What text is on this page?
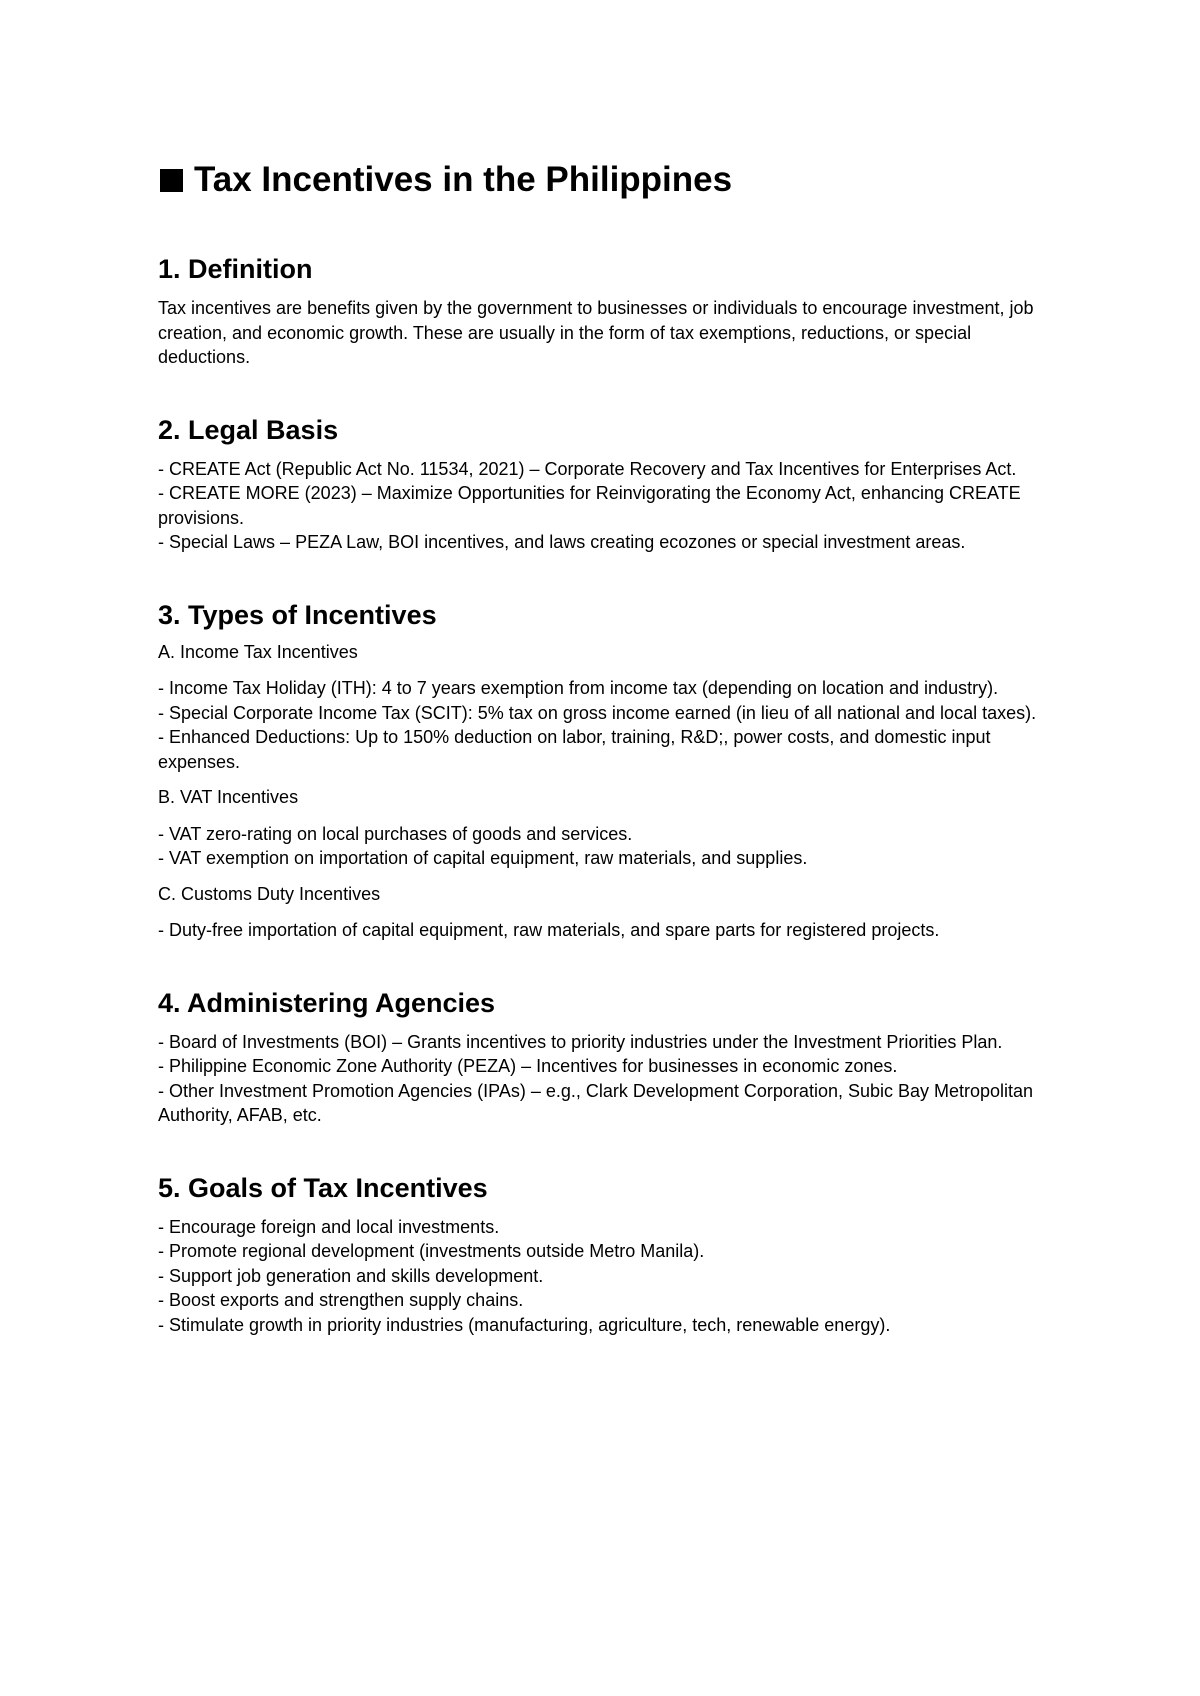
Tax Incentives in the Philippines
1. Definition

Tax incentives are benefits given by the government to businesses or individuals to encourage investment, job creation, and economic growth. These are usually in the form of tax exemptions, reductions, or special deductions.

2. Legal Basis

- CREATE Act (Republic Act No. 11534, 2021) – Corporate Recovery and Tax Incentives for Enterprises Act.

- CREATE MORE (2023) – Maximize Opportunities for Reinvigorating the Economy Act, enhancing CREATE provisions.

- Special Laws – PEZA Law, BOI incentives, and laws creating ecozones or special investment areas.

3. Types of Incentives

A. Income Tax Incentives

- Income Tax Holiday (ITH): 4 to 7 years exemption from income tax (depending on location and industry).

- Special Corporate Income Tax (SCIT): 5% tax on gross income earned (in lieu of all national and local taxes).

- Enhanced Deductions: Up to 150% deduction on labor, training, R&D;, power costs, and domestic input expenses.

B. VAT Incentives

- VAT zero-rating on local purchases of goods and services.

- VAT exemption on importation of capital equipment, raw materials, and supplies.

C. Customs Duty Incentives

- Duty-free importation of capital equipment, raw materials, and spare parts for registered projects.

4. Administering Agencies

- Board of Investments (BOI) – Grants incentives to priority industries under the Investment Priorities Plan.

- Philippine Economic Zone Authority (PEZA) – Incentives for businesses in economic zones.

- Other Investment Promotion Agencies (IPAs) – e.g., Clark Development Corporation, Subic Bay Metropolitan Authority, AFAB, etc.

5. Goals of Tax Incentives

- Encourage foreign and local investments.

- Promote regional development (investments outside Metro Manila).

- Support job generation and skills development.

- Boost exports and strengthen supply chains.

- Stimulate growth in priority industries (manufacturing, agriculture, tech, renewable energy).
